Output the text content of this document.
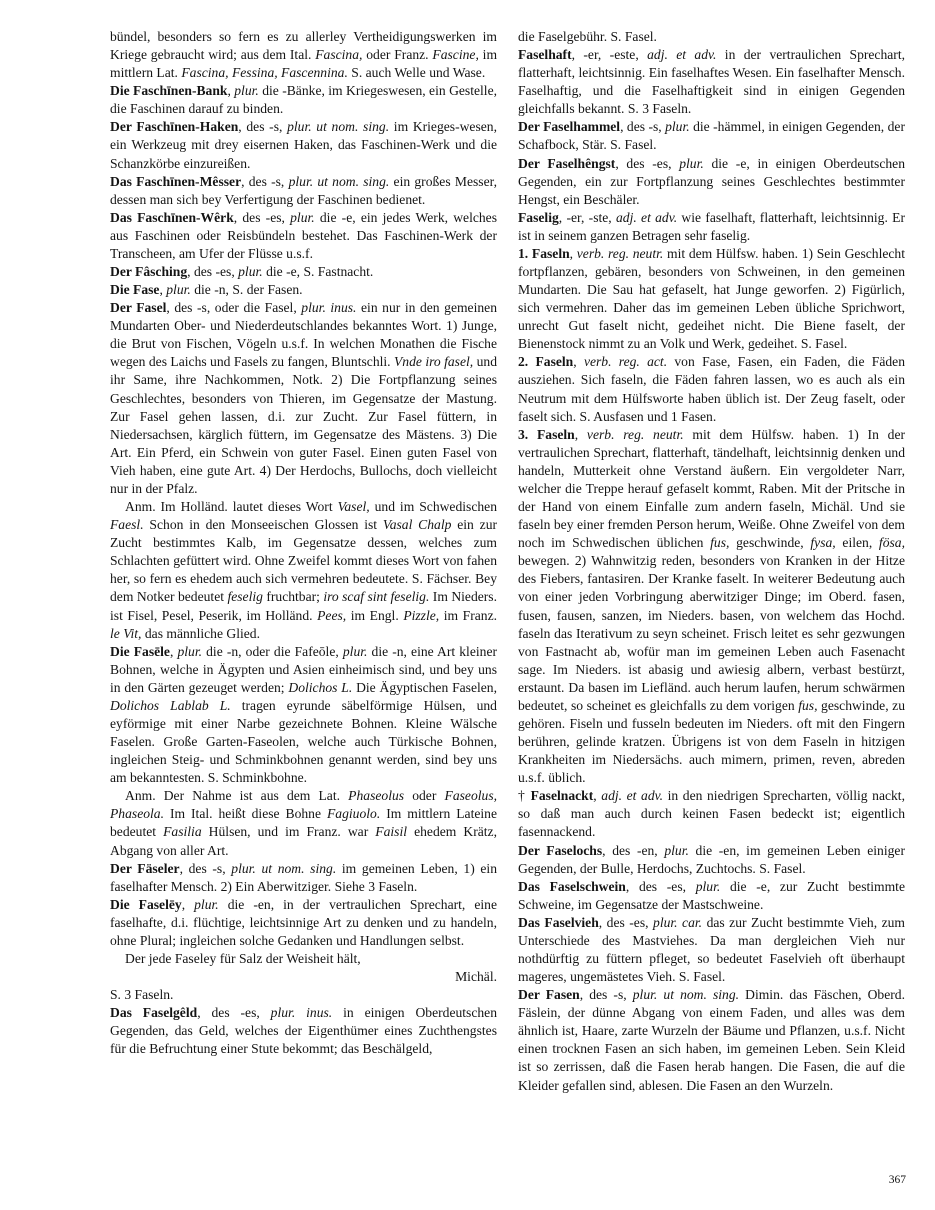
bündel, besonders so fern es zu allerley Vertheidigungswerken im Kriege gebraucht wird; aus dem Ital. Fascina, oder Franz. Fascine, im mittlern Lat. Fascina, Fessina, Fascennina. S. auch Welle und Wase.

Die Faschīnen-Bank, plur. die -Bänke, im Kriegeswesen, ein Gestelle, die Faschinen darauf zu binden.

Der Faschīnen-Haken, des -s, plur. ut nom. sing. im Krieges-wesen, ein Werkzeug mit drey eisernen Haken, das Faschinen-Werk und die Schanzkörbe einzureißen.

Das Faschīnen-Mêsser, des -s, plur. ut nom. sing. ein großes Messer, dessen man sich bey Verfertigung der Faschinen bedienet.

Das Faschīnen-Wêrk, des -es, plur. die -e, ein jedes Werk, welches aus Faschinen oder Reisbündeln bestehet. Das Faschinen-Werk der Transcheen, am Ufer der Flüsse u.s.f.

Der Fâsching, des -es, plur. die -e, S. Fastnacht.

Die Fase, plur. die -n, S. der Fasen.

Der Fasel, des -s, oder die Fasel, plur. inus. ein nur in den gemeinen Mundarten Ober- und Niederdeutschlandes bekanntes Wort. 1) Junge, die Brut von Fischen, Vögeln u.s.f. In welchen Monathen die Fische wegen des Laichs und Fasels zu fangen, Bluntschli. Vnde iro fasel, und ihr Same, ihre Nachkommen, Notk. 2) Die Fortpflanzung seines Geschlechtes, besonders von Thieren, im Gegensatze der Mastung. Zur Fasel gehen lassen, d.i. zur Zucht. Zur Fasel füttern, in Niedersachsen, kärglich füttern, im Gegensatze des Mästens. 3) Die Art. Ein Pferd, ein Schwein von guter Fasel. Einen guten Fasel von Vieh haben, eine gute Art. 4) Der Herdochs, Bullochs, doch vielleicht nur in der Pfalz.

Anm. Im Holländ. lautet dieses Wort Vasel, und im Schwedischen Faesl. Schon in den Monseeischen Glossen ist Vasal Chalp ein zur Zucht bestimmtes Kalb, im Gegensatze dessen, welches zum Schlachten gefüttert wird. Ohne Zweifel kommt dieses Wort von fahen her, so fern es ehedem auch sich vermehren bedeutete. S. Fächser. Bey dem Notker bedeutet feselig fruchtbar; iro scaf sint feselig. Im Nieders. ist Fisel, Pesel, Peserik, im Holländ. Pees, im Engl. Pizzle, im Franz. le Vit, das männliche Glied.

Die Fasēle, plur. die -n, oder die Fafeōle, plur. die -n, eine Art kleiner Bohnen, welche in Ägypten und Asien einheimisch sind, und bey uns in den Gärten gezeuget werden; Dolichos L. Die Ägyptischen Faselen, Dolichos Lablab L. tragen eyrunde säbelförmige Hülsen, und eyförmige mit einer Narbe gezeichnete Bohnen. Kleine Wälsche Faselen. Große Garten-Faseolen, welche auch Türkische Bohnen, ingleichen Steig- und Schminkbohnen genannt werden, sind bey uns am bekanntesten. S. Schminkbohne.

Anm. Der Nahme ist aus dem Lat. Phaseolus oder Faseolus, Phaseola. Im Ital. heißt diese Bohne Fagiuolo. Im mittlern Lateine bedeutet Fasilia Hülsen, und im Franz. war Faisil ehedem Krätz, Abgang von aller Art.

Der Fäseler, des -s, plur. ut nom. sing. im gemeinen Leben, 1) ein faselhafter Mensch. 2) Ein Aberwitziger. Siehe 3 Faseln.

Die Faselēy, plur. die -en, in der vertraulichen Sprechart, eine faselhafte, d.i. flüchtige, leichtsinnige Art zu denken und zu handeln, ohne Plural; ingleichen solche Gedanken und Handlungen selbst.

Der jede Faseley für Salz der Weisheit hält,

Michäl.

S. 3 Faseln.

Das Faselgêld, des -es, plur. inus. in einigen Oberdeutschen Gegenden, das Geld, welches der Eigenthümer eines Zuchthengstes für die Befruchtung einer Stute bekommt; das Beschälgeld,

die Faselgebühr. S. Fasel.

Faselhaft, -er, -este, adj. et adv. in der vertraulichen Sprechart, flatterhaft, leichtsinnig. Ein faselhaftes Wesen. Ein faselhafter Mensch. Faselhaftig, und die Faselhaftigkeit sind in einigen Gegenden gleichfalls bekannt. S. 3 Faseln.

Der Faselhammel, des -s, plur. die -hämmel, in einigen Gegenden, der Schafbock, Stär. S. Fasel.

Der Faselhêngst, des -es, plur. die -e, in einigen Oberdeutschen Gegenden, ein zur Fortpflanzung seines Geschlechtes bestimmter Hengst, ein Beschäler.

Faselig, -er, -ste, adj. et adv. wie faselhaft, flatterhaft, leichtsinnig. Er ist in seinem ganzen Betragen sehr faselig.

1. Faseln, verb. reg. neutr. mit dem Hülfsw. haben. 1) Sein Geschlecht fortpflanzen, gebären, besonders von Schweinen, in den gemeinen Mundarten. Die Sau hat gefaselt, hat Junge geworfen. 2) Figürlich, sich vermehren. Daher das im gemeinen Leben übliche Sprichwort, unrecht Gut faselt nicht, gedeihet nicht. Die Biene faselt, der Bienenstock nimmt zu an Volk und Werk, gedeihet. S. Fasel.

2. Faseln, verb. reg. act. von Fase, Fasen, ein Faden, die Fäden ausziehen. Sich faseln, die Fäden fahren lassen, wo es auch als ein Neutrum mit dem Hülfsworte haben üblich ist. Der Zeug faselt, oder faselt sich. S. Ausfasen und 1 Fasen.

3. Faseln, verb. reg. neutr. mit dem Hülfsw. haben. 1) In der vertraulichen Sprechart, flatterhaft, tändelhaft, leichtsinnig denken und handeln, Mutterkeit ohne Verstand äußern. Ein vergoldeter Narr, welcher die Treppe herauf gefaselt kommt, Raben. Mit der Pritsche in der Hand von einem Einfalle zum andern faseln, Michäl. Und sie faseln bey einer fremden Person herum, Weiße. Ohne Zweifel von dem noch im Schwedischen üblichen fus, geschwinde, fysa, eilen, fösa, bewegen. 2) Wahnwitzig reden, besonders von Kranken in der Hitze des Fiebers, fantasiren. Der Kranke faselt. In weiterer Bedeutung auch von einer jeden Vorbringung aberwitziger Dinge; im Oberd. fasen, fusen, fausen, sanzen, im Nieders. basen, von welchem das Hochd. faseln das Iterativum zu seyn scheinet. Frisch leitet es sehr gezwungen von Fastnacht ab, wofür man im gemeinen Leben auch Fasenacht sage. Im Nieders. ist abasig und awiesig albern, verbast bestürzt, erstaunt. Da basen im Liefländ. auch herum laufen, herum schwärmen bedeutet, so scheinet es gleichfalls zu dem vorigen fus, geschwinde, zu gehören. Fiseln und fusseln bedeuten im Nieders. oft mit den Fingern berühren, gelinde kratzen. Übrigens ist von dem Faseln in hitzigen Krankheiten im Niedersächs. auch mimern, primen, reven, abreden u.s.f. üblich.

† Faselnackt, adj. et adv. in den niedrigen Sprecharten, völlig nackt, so daß man auch durch keinen Fasen bedeckt ist; eigentlich fasennackend.

Der Faselochs, des -en, plur. die -en, im gemeinen Leben einiger Gegenden, der Bulle, Herdochs, Zuchtochs. S. Fasel.

Das Faselschwein, des -es, plur. die -e, zur Zucht bestimmte Schweine, im Gegensatze der Mastschweine.

Das Faselvieh, des -es, plur. car. das zur Zucht bestimmte Vieh, zum Unterschiede des Mastviehes. Da man dergleichen Vieh nur nothdürftig zu füttern pfleget, so bedeutet Faselvieh oft überhaupt mageres, ungemästetes Vieh. S. Fasel.

Der Fasen, des -s, plur. ut nom. sing. Dimin. das Fäschen, Oberd. Fäslein, der dünne Abgang von einem Faden, und alles was dem ähnlich ist, Haare, zarte Wurzeln der Bäume und Pflanzen, u.s.f. Nicht einen trocknen Fasen an sich haben, im gemeinen Leben. Sein Kleid ist so zerrissen, daß die Fasen herab hangen. Die Fasen, die auf die Kleider gefallen sind, ablesen. Die Fasen an den Wurzeln.

367
